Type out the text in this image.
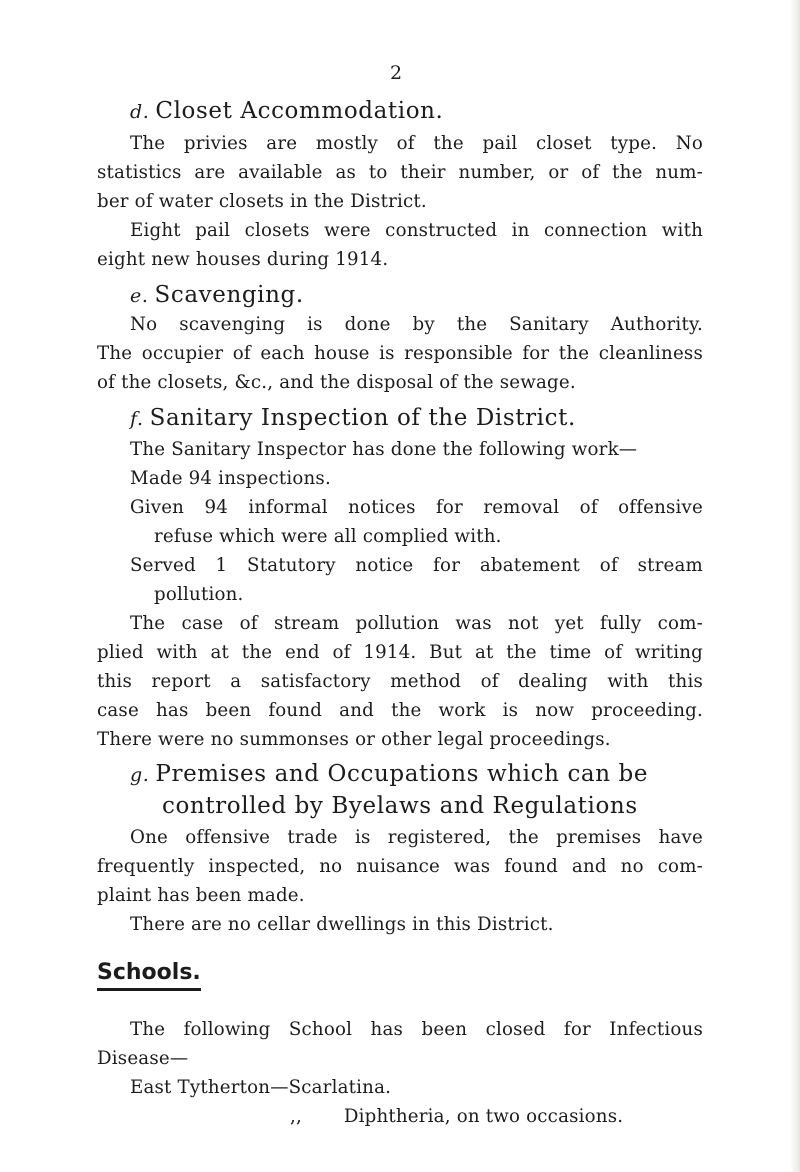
2
d. Closet Accommodation.
The privies are mostly of the pail closet type. No
statistics are available as to their number, or of the num-
ber of water closets in the District.
Eight pail closets were constructed in connection with
eight new houses during 1914.
e. Scavenging.
No scavenging is done by the Sanitary Authority.
The occupier of each house is responsible for the cleanliness
of the closets, &c., and the disposal of the sewage.
f. Sanitary Inspection of the District.
The Sanitary Inspector has done the following work—
Made 94 inspections.
Given 94 informal notices for removal of offensive
refuse which were all complied with.
Served 1 Statutory notice for abatement of stream
pollution.
The case of stream pollution was not yet fully com-
plied with at the end of 1914. But at the time of writing
this report a satisfactory method of dealing with this
case has been found and the work is now proceeding.
There were no summonses or other legal proceedings.
g. Premises and Occupations which can be
controlled by Byelaws and Regulations
One offensive trade is registered, the premises have
frequently inspected, no nuisance was found and no com-
plaint has been made.
There are no cellar dwellings in this District.
Schools.
The following School has been closed for Infectious
Disease—
East Tytherton—Scarlatina.
,,       Diphtheria, on two occasions.
